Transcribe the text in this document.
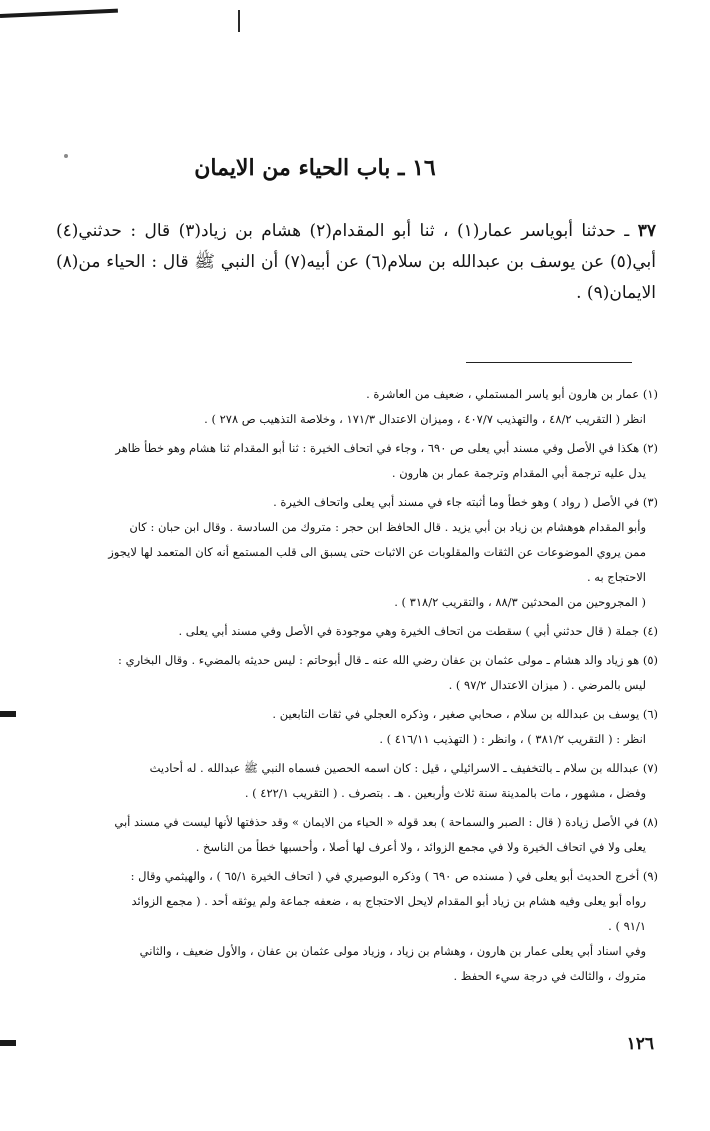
١٦ ـ باب الحياء من الايمان
٣٧ ـ حدثنا أبوياسر عمار(١) ، ثنا أبو المقدام(٢) هشام بن زياد(٣) قال : حدثني(٤) أبي(٥) عن يوسف بن عبدالله بن سلام(٦) عن أبيه(٧) أن النبي ﷺ قال : الحياء من(٨) الايمان(٩) .

(١) عمار بن هارون أبو ياسر المستملي ، ضعيف من العاشرة .

انظر ( التقريب ٤٨/٢ ، والتهذيب ٤٠٧/٧ ، وميزان الاعتدال ١٧١/٣ ، وخلاصة التذهيب ص ٢٧٨ ) .

(٢) هكذا في الأصل وفي مسند أبي يعلى ص ٦٩٠ ، وجاء في اتحاف الخيرة : ثنا أبو المقدام ثنا هشام وهو خطأ ظاهر

يدل عليه ترجمة أبي المقدام وترجمة عمار بن هارون .

(٣) في الأصل ( رواد ) وهو خطأ وما أثبته جاء في مسند أبي يعلى واتحاف الخيرة .

وأبو المقدام هوهشام بن زياد بن أبي يزيد . قال الحافظ ابن حجر : متروك من السادسة . وقال ابن حبان : كان

ممن يروي الموضوعات عن الثقات والمقلوبات عن الاثبات حتى يسبق الى قلب المستمع أنه كان المتعمد لها لايجوز

الاحتجاج به .

( المجروحين من المحدثين ٨٨/٣ ، والتقريب ٣١٨/٢ ) .

(٤) جملة ( قال حدثني أبي ) سقطت من اتحاف الخيرة وهي موجودة في الأصل وفي مسند أبي يعلى .

(٥) هو زياد والد هشام ـ مولى عثمان بن عفان رضي الله عنه ـ قال أبوحاتم : ليس حديثه بالمضيء . وقال البخاري :

ليس بالمرضي . ( ميزان الاعتدال ٩٧/٢ ) .

(٦) يوسف بن عبدالله بن سلام ، صحابي صغير ، وذكره العجلي في ثقات التابعين .

انظر : ( التقريب ٣٨١/٢ ) ، وانظر : ( التهذيب ٤١٦/١١ ) .

(٧) عبدالله بن سلام ـ بالتخفيف ـ الاسرائيلي ، قيل : كان اسمه الحصين فسماه النبي ﷺ عبدالله . له أحاديث

وفضل ، مشهور ، مات بالمدينة سنة ثلاث وأربعين . هـ . بتصرف . ( التقريب ٤٢٢/١ ) .

(٨) في الأصل زيادة ( قال : الصبر والسماحة ) بعد قوله « الحياء من الايمان » وقد حذفتها لأنها ليست في مسند أبي

يعلى ولا في اتحاف الخيرة ولا في مجمع الزوائد ، ولا أعرف لها أصلا ، وأحسبها خطأ من الناسخ .

(٩) أخرج الحديث أبو يعلى في ( مسنده ص ٦٩٠ ) وذكره البوصيري في ( اتحاف الخيرة ٦٥/١ ) ، والهيثمي وقال :

رواه أبو يعلى وفيه هشام بن زياد أبو المقدام لايحل الاحتجاج به ، ضعفه جماعة ولم يوثقه أحد . ( مجمع الزوائد

٩١/١ ) .

وفي اسناد أبي يعلى عمار بن هارون ، وهشام بن زياد ، وزياد مولى عثمان بن عفان ، والأول ضعيف ، والثاني

متروك ، والثالث في درجة سيء الحفظ .

١٢٦
